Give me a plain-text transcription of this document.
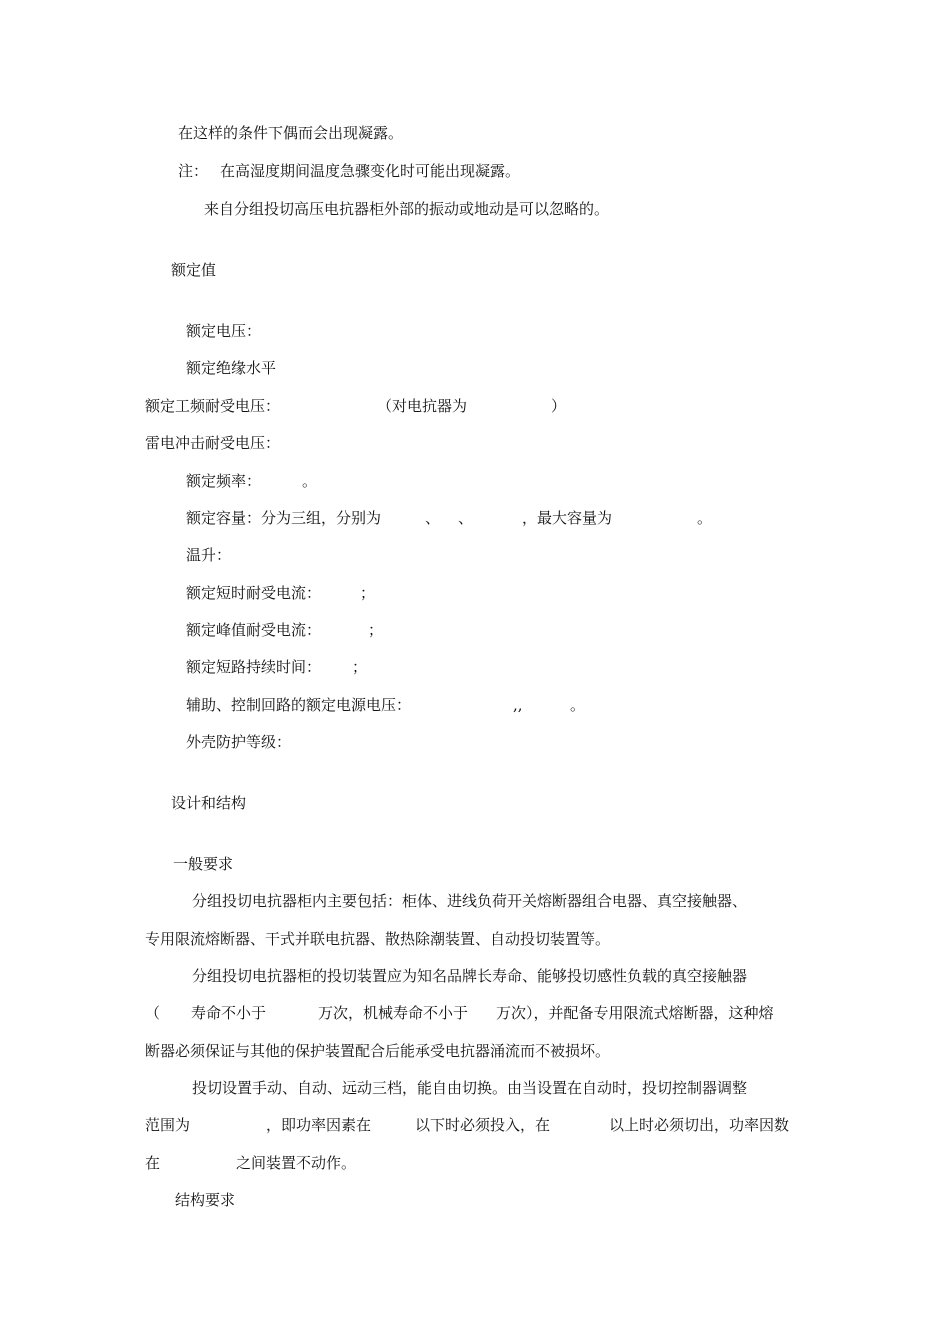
在这样的条件下偶而会出现凝露。
注： 在高湿度期间温度急骤变化时可能出现凝露。
来自分组投切高压电抗器柜外部的振动或地动是可以忽略的。
额定值
额定电压：
额定绝缘水平
额定工频耐受电压：	（对电抗器为	）
雷电冲击耐受电压：
额定频率：	。
额定容量：分为三组，分别为	、 、	，最大容量为	。
温升：
额定短时耐受电流：	；
额定峰值耐受电流：	；
额定短路持续时间： ；
辅助、控制回路的额定电源电压：	,,	。
外壳防护等级：
设计和结构
一般要求
分组投切电抗器柜内主要包括：柜体、进线负荷开关熔断器组合电器、真空接触器、
专用限流熔断器、干式并联电抗器、散热除潮装置、自动投切装置等。
分组投切电抗器柜的投切装置应为知名品牌长寿命、能够投切感性负载的真空接触器
（ 寿命不小于	万次，机械寿命不小于 万次），并配备专用限流式熔断器，这种熔
断器必须保证与其他的保护装置配合后能承受电抗器涌流而不被损坏。
投切设置手动、自动、远动三档，能自由切换。由当设置在自动时，投切控制器调整
范围为	，即功率因素在	以下时必须投入，在	以上时必须切出，功率因数
在	之间装置不动作。
结构要求
